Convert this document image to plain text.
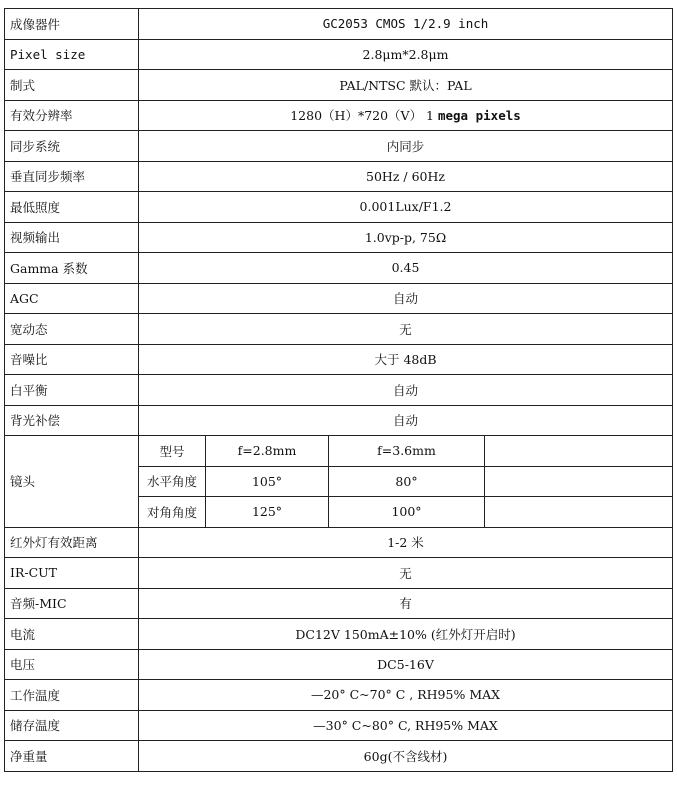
成像器件	GC2053 CMOS 1/2.9 inch			
Pixel size	2.8μm*2.8μm			
制式	PAL/NTSC 默认：PAL			
有效分辨率	1280（H）*720（V） 1 mega pixels			
同步系统	内同步			
垂直同步频率	50Hz / 60Hz			
最低照度	0.001Lux/F1.2			
视频输出	1.0vp-p, 75Ω			
Gamma 系数	0.45			
AGC	自动			
宽动态	无			
音噪比	大于 48dB			
白平衡	自动			
背光补偿	自动			
镜头	型号	f=2.8mm	f=3.6mm	
	水平角度	105°	80°	
	对角角度	125°	100°	
红外灯有效距离	1-2 米			
IR-CUT	无			
音频-MIC	有			
电流	DC12V 150mA±10% (红外灯开启时)			
电压	DC5-16V			
工作温度	—20° C~70° C , RH95% MAX			
储存温度	—30° C~80° C, RH95% MAX			
净重量	60g(不含线材)			
